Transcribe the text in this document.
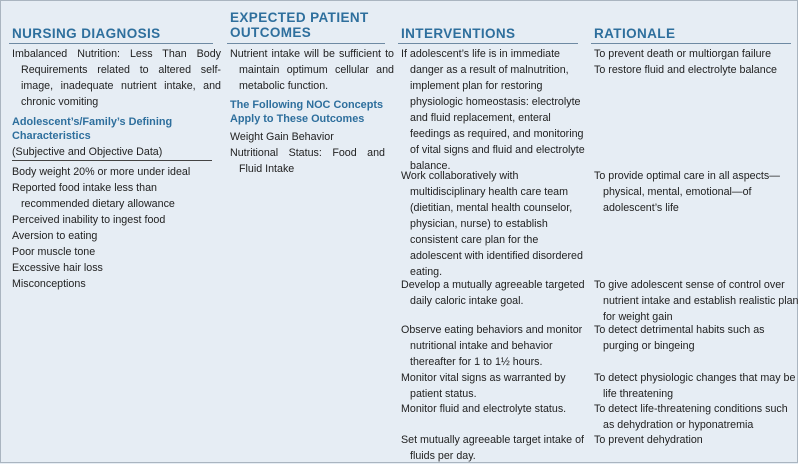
NURSING DIAGNOSIS
Imbalanced Nutrition: Less Than Body Requirements related to altered self-image, inadequate nutrient intake, and chronic vomiting
Adolescent’s/Family’s Defining Characteristics
(Subjective and Objective Data)
Body weight 20% or more under ideal
Reported food intake less than recommended dietary allowance
Perceived inability to ingest food
Aversion to eating
Poor muscle tone
Excessive hair loss
Misconceptions
EXPECTED PATIENT
OUTCOMES
Nutrient intake will be sufficient to maintain optimum cellular and metabolic function.
The Following NOC Concepts Apply to These Outcomes
Weight Gain Behavior
Nutritional Status: Food and Fluid Intake
INTERVENTIONS
If adolescent’s life is in immediate danger as a result of malnutrition, implement plan for restoring physiologic homeostasis: electrolyte and fluid replacement, enteral feedings as required, and monitoring of vital signs and fluid and electrolyte balance.
Work collaboratively with multidisciplinary health care team (dietitian, mental health counselor, physician, nurse) to establish consistent care plan for the adolescent with identified disordered eating.
Develop a mutually agreeable targeted daily caloric intake goal.
Observe eating behaviors and monitor nutritional intake and behavior thereafter for 1 to 1½ hours.
Monitor vital signs as warranted by patient status.
Monitor fluid and electrolyte status.
Set mutually agreeable target intake of fluids per day.
RATIONALE
To prevent death or multiorgan failure
To restore fluid and electrolyte balance
To provide optimal care in all aspects—physical, mental, emotional—of adolescent’s life
To give adolescent sense of control over nutrient intake and establish realistic plan for weight gain
To detect detrimental habits such as purging or bingeing
To detect physiologic changes that may be life threatening
To detect life-threatening conditions such as dehydration or hyponatremia
To prevent dehydration
